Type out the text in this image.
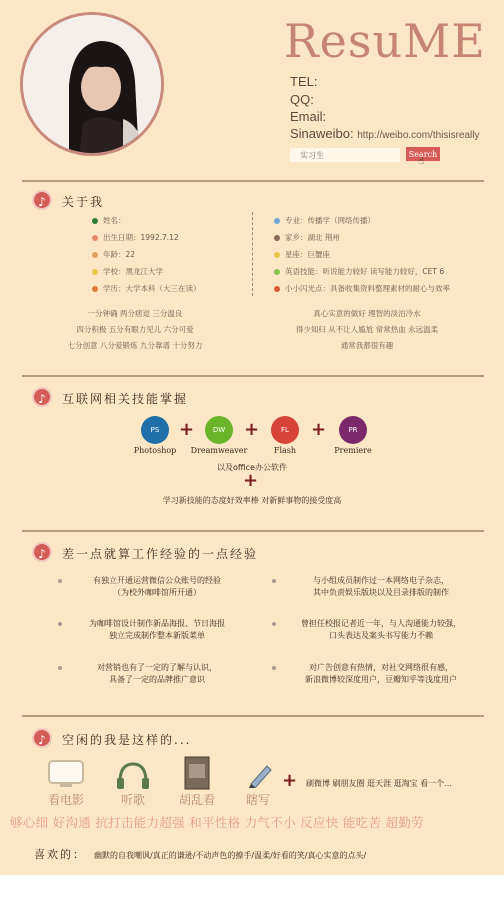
ResuME
TEL:
QQ:
Email:
Sinaweibo: http://weibo.com/thisisreally
实习生
Search
☝
♪	关于我
姓名：
出生日期：1992.7.12
年龄：22
学校：黑龙江大学
学历：大学本科（大三在读）
专业：传播学（网络传播）
家乡：湖北 荆州
星座：巨蟹座
英语技能：听说能力较好 读写能力较好，CET 6
小小闪光点：具备收集资料整理素材的耐心与效率
一分钟确 两分痞逗 三分温良
四分积极 五分有眼力见儿 六分可爱
七分创意 八分爱锻炼 九分靠谱 十分努力
真心实意的做好 理智的淡泊冷水
得少知归 从不让人尴尬 常常热血 永远温柔
通常我都很有趣
♪	互联网相关技能掌握
PS
Photoshop
+	DW
Dreamweaver
+	FL
Flash
+	PR
Premiere
以及office办公软件
+
学习新技能的态度好效率棒 对新鲜事物的接受度高
♪	差一点就算工作经验的一点经验
有独立开通运营微信公众账号的经验
（为校外咖啡馆所开通）
与小组成员制作过一本网络电子杂志，
其中负责娱乐版块以及目录排版的制作
为咖啡馆设计制作新品海报、节日海报
独立完成制作整本新版菜单
曾担任校报记者近一年，与人沟通能力较强，
口头表达及案头书写能力不赖
对营销也有了一定的了解与认识，
具备了一定的品牌推广意识
对广告创意有热情，对社交网络很有感，
新浪微博较深度用户，豆瓣知乎等浅度用户
♪	空闲的我是这样的...
看电影	听歌	胡乱看	瞎写
+ 刷微博 刷朋友圈 逛天涯 逛淘宝 看一个...
够心细 好沟通 抗打击能力超强 和平性格 力气不小 反应快 能吃苦 超勤劳
喜欢的： 幽默的自我嘲讽/真正的谦逊/不动声色的撩手/温柔/好看的笑/真心实意的点头/
